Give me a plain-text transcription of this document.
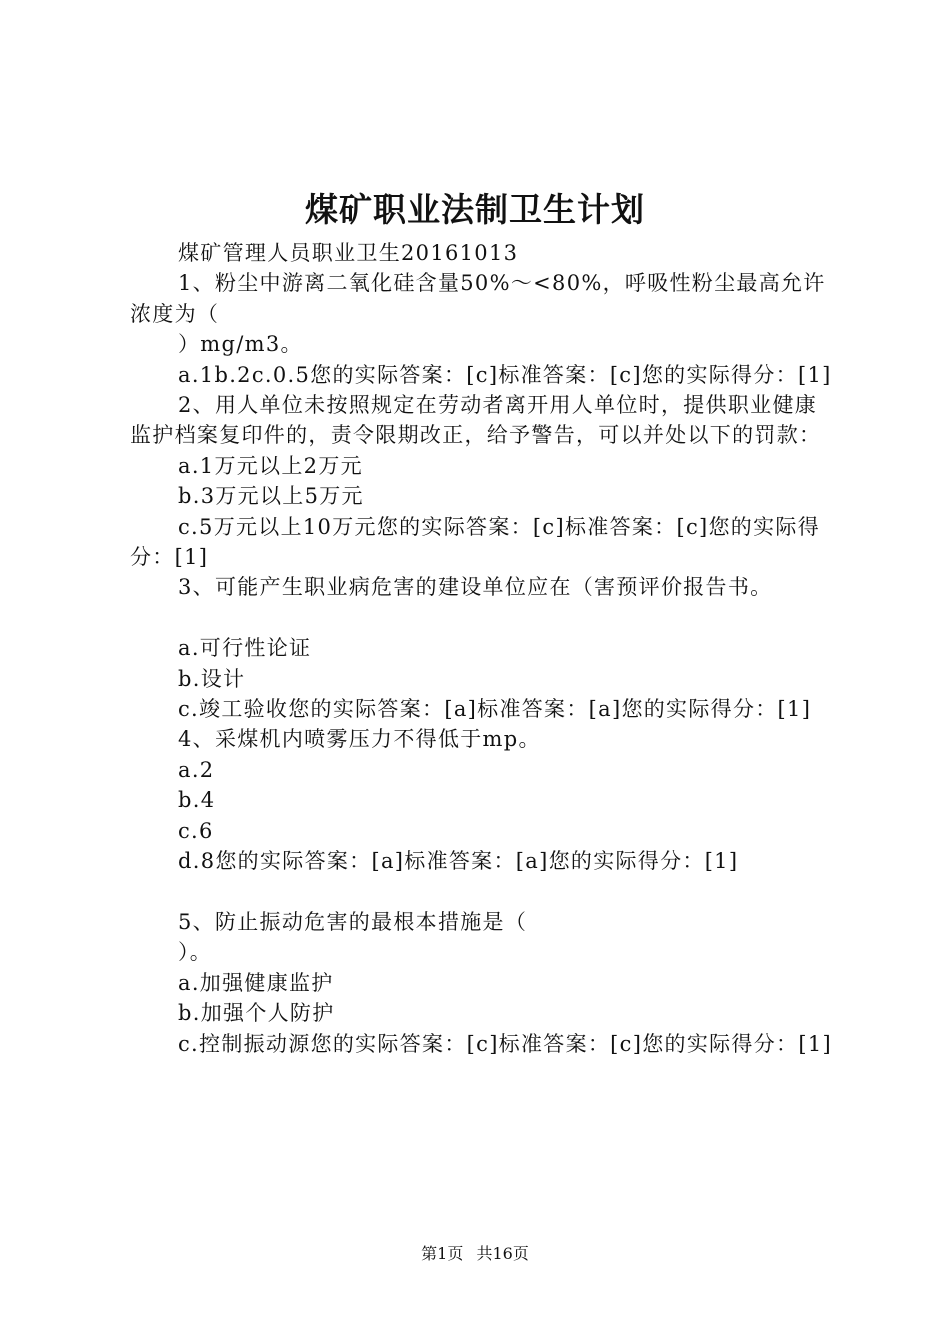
煤矿职业法制卫生计划

煤矿管理人员职业卫生20161013

1、粉尘中游离二氧化硅含量50%～<80%，呼吸性粉尘最高允许浓度为（

）mg/m3。

a.1b.2c.0.5您的实际答案：[c]标准答案：[c]您的实际得分：[1]

2、用人单位未按照规定在劳动者离开用人单位时，提供职业健康监护档案复印件的，责令限期改正，给予警告，可以并处以下的罚款：

a.1万元以上2万元

b.3万元以上5万元

c.5万元以上10万元您的实际答案：[c]标准答案：[c]您的实际得分：[1]

3、可能产生职业病危害的建设单位应在（害预评价报告书。

a.可行性论证

b.设计

c.竣工验收您的实际答案：[a]标准答案：[a]您的实际得分：[1]

4、采煤机内喷雾压力不得低于mp。

a.2

b.4

c.6

d.8您的实际答案：[a]标准答案：[a]您的实际得分：[1]

5、防止振动危害的最根本措施是（

）。

a.加强健康监护

b.加强个人防护

c.控制振动源您的实际答案：[c]标准答案：[c]您的实际得分：[1]

第1页 共16页
